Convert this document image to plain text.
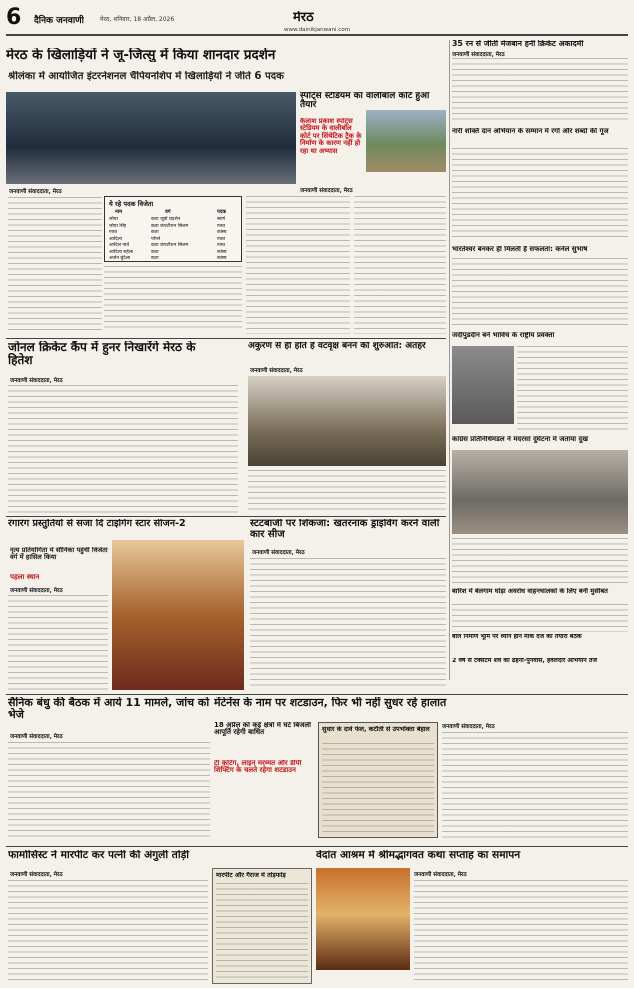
6 दैनिक जनवाणी	मेरठ, शनिवार, 18 अप्रैल, 2026	मेरठ
www.dainikjanwani.com
मेरठ के खिलाड़ियों ने जू-जित्सु में किया शानदार प्रदर्शन
श्रीलंका में आयोजित इंटरनेशनल चैंपियनशिप में खिलाड़ियों ने जीते 6 पदक
जनवाणी संवाददाता, मेरठ
ये रहे पदक विजेता
नाम	वर्ग	पदक
जोया	कता जूडो प्रदर्शन	स्वर्ण
जोया सिंह	कता कंपटीशन सिलम	रजत
रजत	कता	कांस्य
आदित्य	पोंपने	रजत
आदिल नार्वे	कता कंपटीशन सिलम	रजत
आदित्य रुहेला	कता	कांस्य
अर्जन बुंदेला	कता	कांस्य
स्पोर्ट्स स्टेडियम का वालीबॉल कोर्ट हुआ तैयार
कैलाश प्रकाश स्पोर्ट्स स्टेडियम के वालीबॉल कोर्ट पर सिंथेटिक ट्रैक के निर्माण के कारण नहीं हो रहा था अभ्यास
जनवाणी संवाददाता, मेरठ
35 रन से जीती मेजबान हनी क्रिकेट अकादमी
जनवाणी संवाददाता, मेरठ
नारी शक्ति दान अभियान के सम्मान में रंगों और शब्दों की गूंज
भारतेश्वर बनकर ही मिलती है सफलता: कर्नल सुभाष
जदीपुडदीन बने भाविच के राष्ट्रीय प्रवक्ता
कांग्रेस प्रतिनिधिमंडल ने मदरसा दुर्घटना में जताया दुख
बारिश में बेलगाम घोड़ा अवरोध वाहनचालकों के लिए बनी मुसीबत
बाले निर्माण भूमि पर ध्यान होने मौके दर्जे की तैयारी बैठक
2 वर्ष से टैक्सटम शव का ढहना-पुनर्वास, हवलदार अभियान तेज
जोनल क्रिकेट कैंप में हुनर निखारेंगे मेरठ के हितेश
जनवाणी संवाददाता, मेरठ
अंकुरण से ही होते हैं वटवृक्ष बनने की शुरुआत: अतहर
जनवाणी संवाददाता, मेरठ
रंगारंग प्रस्तुतियों से सजा दि टाइगिंग स्टार सीजन-2
नृत्य प्रतियोगिता में सौनिका पहुंची विजेता वर्ग में हासिल किया
पहला स्थान
जनवाणी संवाददाता, मेरठ
स्टंटबाजी पर शिकंजा: खतरनाक ड्राइविंग करने वाली कार सीज
जनवाणी संवाददाता, मेरठ
सैनिक बंधु की बैठक में आये 11 मामले, जांच को भेजे
जनवाणी संवाददाता, मेरठ
मेंटेनेंस के नाम पर शटडाउन, फिर भी नहीं सुधर रहे हालात
18 अप्रैल को कई क्षेत्रों में घंटे बिजली आपूर्ति रहेगी बाधित
टी कटिंग, लाइन मरम्मत और डीपी शिफ्टिंग के चलते रहेगा शटडाउन
सुधार के दावे फेल, कटौती से उपभोक्ता बेहाल	जनवाणी संवाददाता, मेरठ
फार्मासिस्ट ने मारपीट कर पत्नी की अंगुली तोड़ी
जनवाणी संवाददाता, मेरठ	मारपीट और गैराज में तोड़फोड़
वेदांत आश्रम में श्रीमद्भागवत कथा सप्ताह का समापन
जनवाणी संवाददाता, मेरठ
